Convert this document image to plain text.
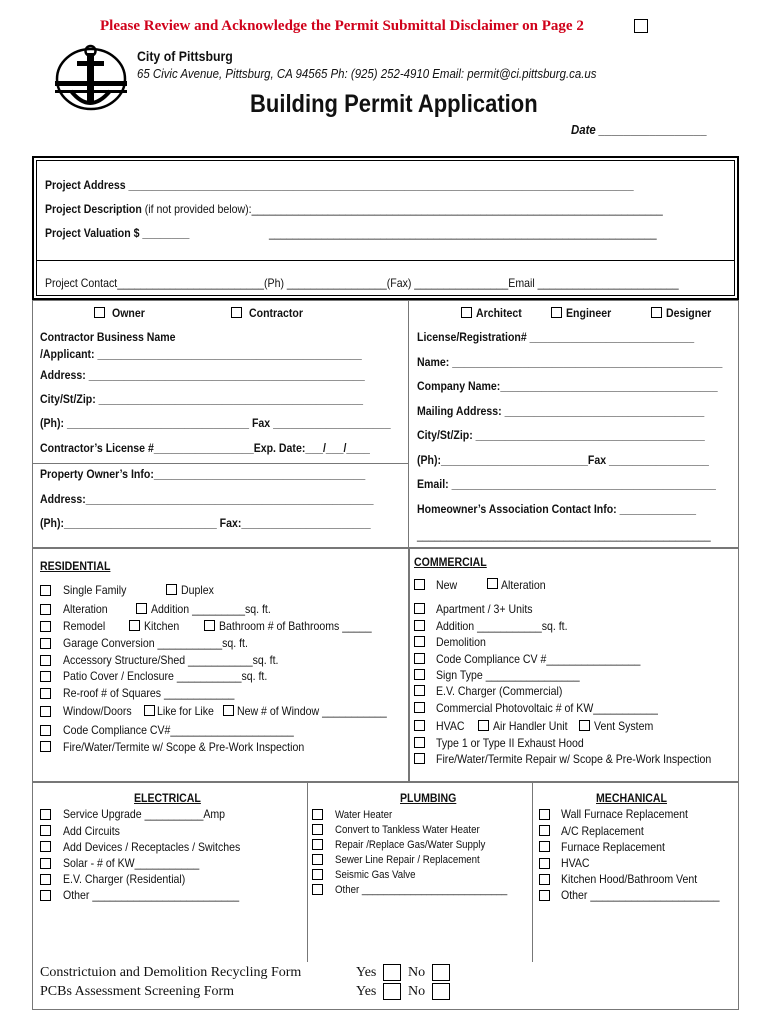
Please Review and Acknowledge the Permit Submittal Disclaimer on Page 2
City of Pittsburg
65 Civic Avenue, Pittsburg, CA 94565 Ph: (925) 252-4910 Email: permit@ci.pittsburg.ca.us
Building Permit Application
Date _________________
Project Address ______________________________________________________________________________________
Project Description (if not provided below):______________________________________________________________________
Project Valuation $ ________	__________________________________________________________________
Project Contact_________________________(Ph) _________________(Fax) ________________Email ________________________
Owner	Contractor	Architect	Engineer	Designer
Contractor Business Name
/Applicant: _____________________________________________
Address: _______________________________________________
City/St/Zip: _____________________________________________
(Ph): _______________________________ Fax ____________________
Contractor’s License #_________________Exp. Date:___/___/____
Property Owner’s Info:____________________________________
Address:_________________________________________________
(Ph):__________________________ Fax:______________________
License/Registration# ____________________________
Name: ______________________________________________
Company Name:_____________________________________
Mailing Address: __________________________________
City/St/Zip: _______________________________________
(Ph):_________________________Fax _________________
Email: _____________________________________________
Homeowner’s Association Contact Info: _____________
__________________________________________________
RESIDENTIAL	COMMERCIAL
Single Family	Duplex
Alteration	Addition _________sq. ft.
Remodel	Kitchen	Bathroom # of Bathrooms _____
Garage Conversion ___________sq. ft.
Accessory Structure/Shed ___________sq. ft.
Patio Cover / Enclosure ___________sq. ft.
Re-roof # of Squares ____________
Window/Doors Like for Like New # of Window ___________
Code Compliance CV#_____________________
Fire/Water/Termite w/ Scope & Pre-Work Inspection
New	Alteration
Apartment / 3+ Units
Addition ___________sq. ft.
Demolition
Code Compliance CV #________________
Sign Type ________________
E.V. Charger (Commercial)
Commercial Photovoltaic # of KW___________
HVAC Air Handler Unit Vent System
Type 1 or Type II Exhaust Hood
Fire/Water/Termite Repair w/ Scope & Pre-Work Inspection
ELECTRICAL	PLUMBING	MECHANICAL
Service Upgrade __________Amp
Add Circuits
Add Devices / Receptacles / Switches
Solar - # of KW___________
E.V. Charger (Residential)
Other _________________________
Water Heater
Convert to Tankless Water Heater
Repair /Replace Gas/Water Supply
Sewer Line Repair / Replacement
Seismic Gas Valve
Other ___________________________
Wall Furnace Replacement
A/C Replacement
Furnace Replacement
HVAC
Kitchen Hood/Bathroom Vent
Other ______________________
Constrictuion and Demolition Recycling Form	Yes No
PCBs Assessment Screening Form	Yes No
